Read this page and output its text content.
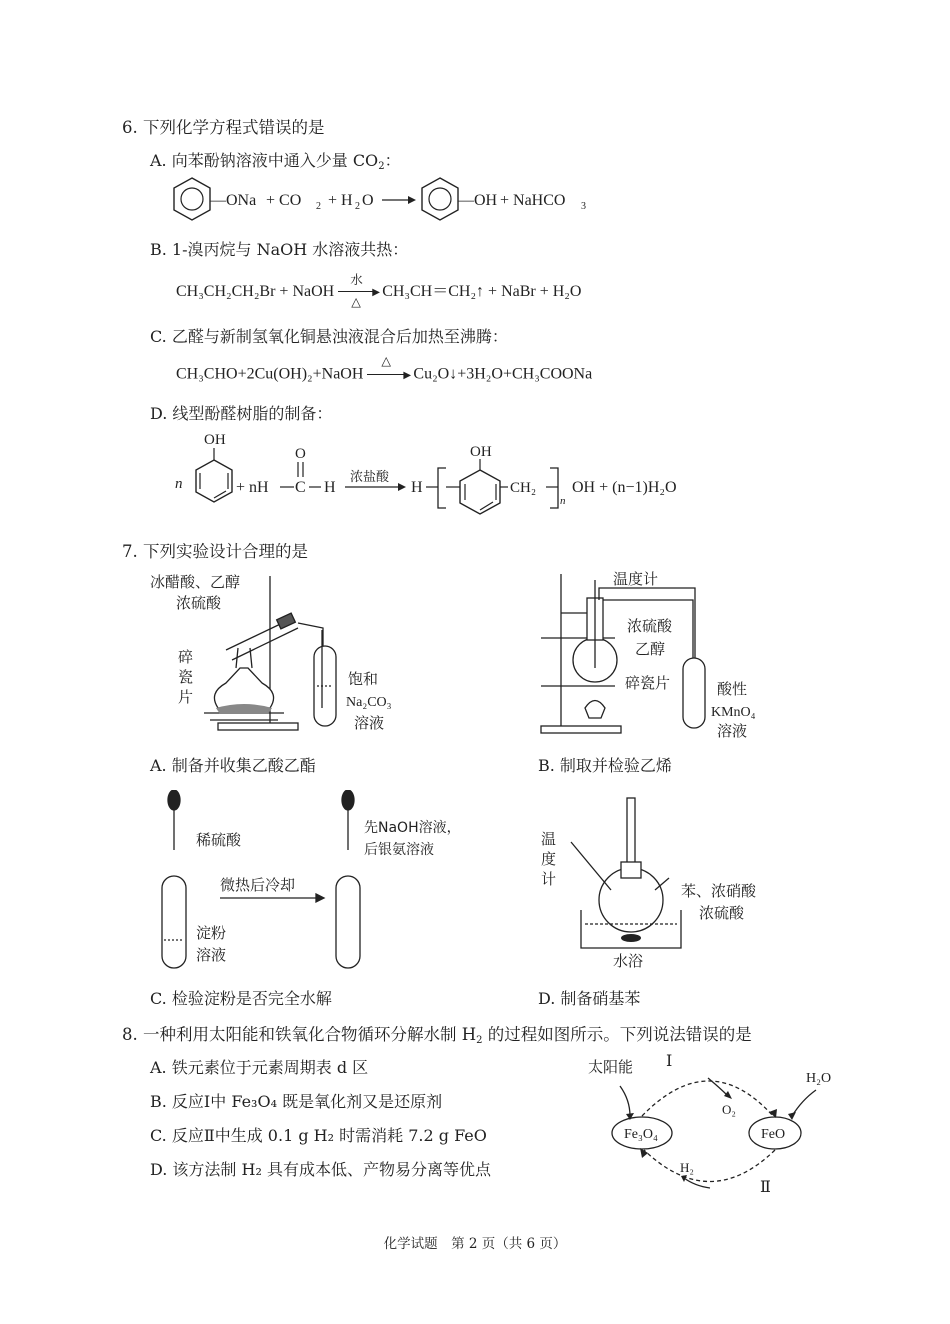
6. 下列化学方程式错误的是
A. 向苯酚钠溶液中通入少量 $CO_2$：
—ONa + CO 2 + H 2 O	—OH + NaHCO 3
B. 1-溴丙烷与 NaOH 水溶液共热：
CH₃CH₂CH₂Br + NaOH
水
▶
△
CH₃CH＝CH₂↑ + NaBr + H₂O
C. 乙醛与新制氢氧化铜悬浊液混合后加热至沸腾：
CH₃CHO+2Cu(OH)₂+NaOH
△
▶ Cu₂O↓+3H₂O+CH₃COONa
D. 线型酚醛树脂的制备：
n
OH
+ nH C
O
H
浓盐酸
H
OH
CH₂
n
OH + (n−1)H₂O
7. 下列实验设计合理的是
冰醋酸、乙醇
浓硫酸
碎
瓷
片
饱和
Na₂CO₃
溶液
A. 制备并收集乙酸乙酯
温度计
浓硫酸
乙醇
碎瓷片	酸性
KMnO₄
溶液
B. 制取并检验乙烯
稀硫酸
微热后冷却
先NaOH溶液，
后银氨溶液
淀粉
溶液
C. 检验淀粉是否完全水解
温
度
计
苯、浓硝酸
浓硫酸
水浴
D. 制备硝基苯
8. 一种利用太阳能和铁氧化合物循环分解水制 $H_2$ 的过程如图所示。下列说法错误的是
A. 铁元素位于元素周期表 d 区
B. 反应Ⅰ中 Fe₃O₄ 既是氧化剂又是还原剂
C. 反应Ⅱ中生成 0.1 g H₂ 时需消耗 7.2 g FeO
D. 该方法制 H₂ 具有成本低、产物易分离等优点
太阳能 Ⅰ
O₂
H₂O
Fe₃O₄	FeO
H₂
Ⅱ
化学试题　第 2 页（共 6 页）
